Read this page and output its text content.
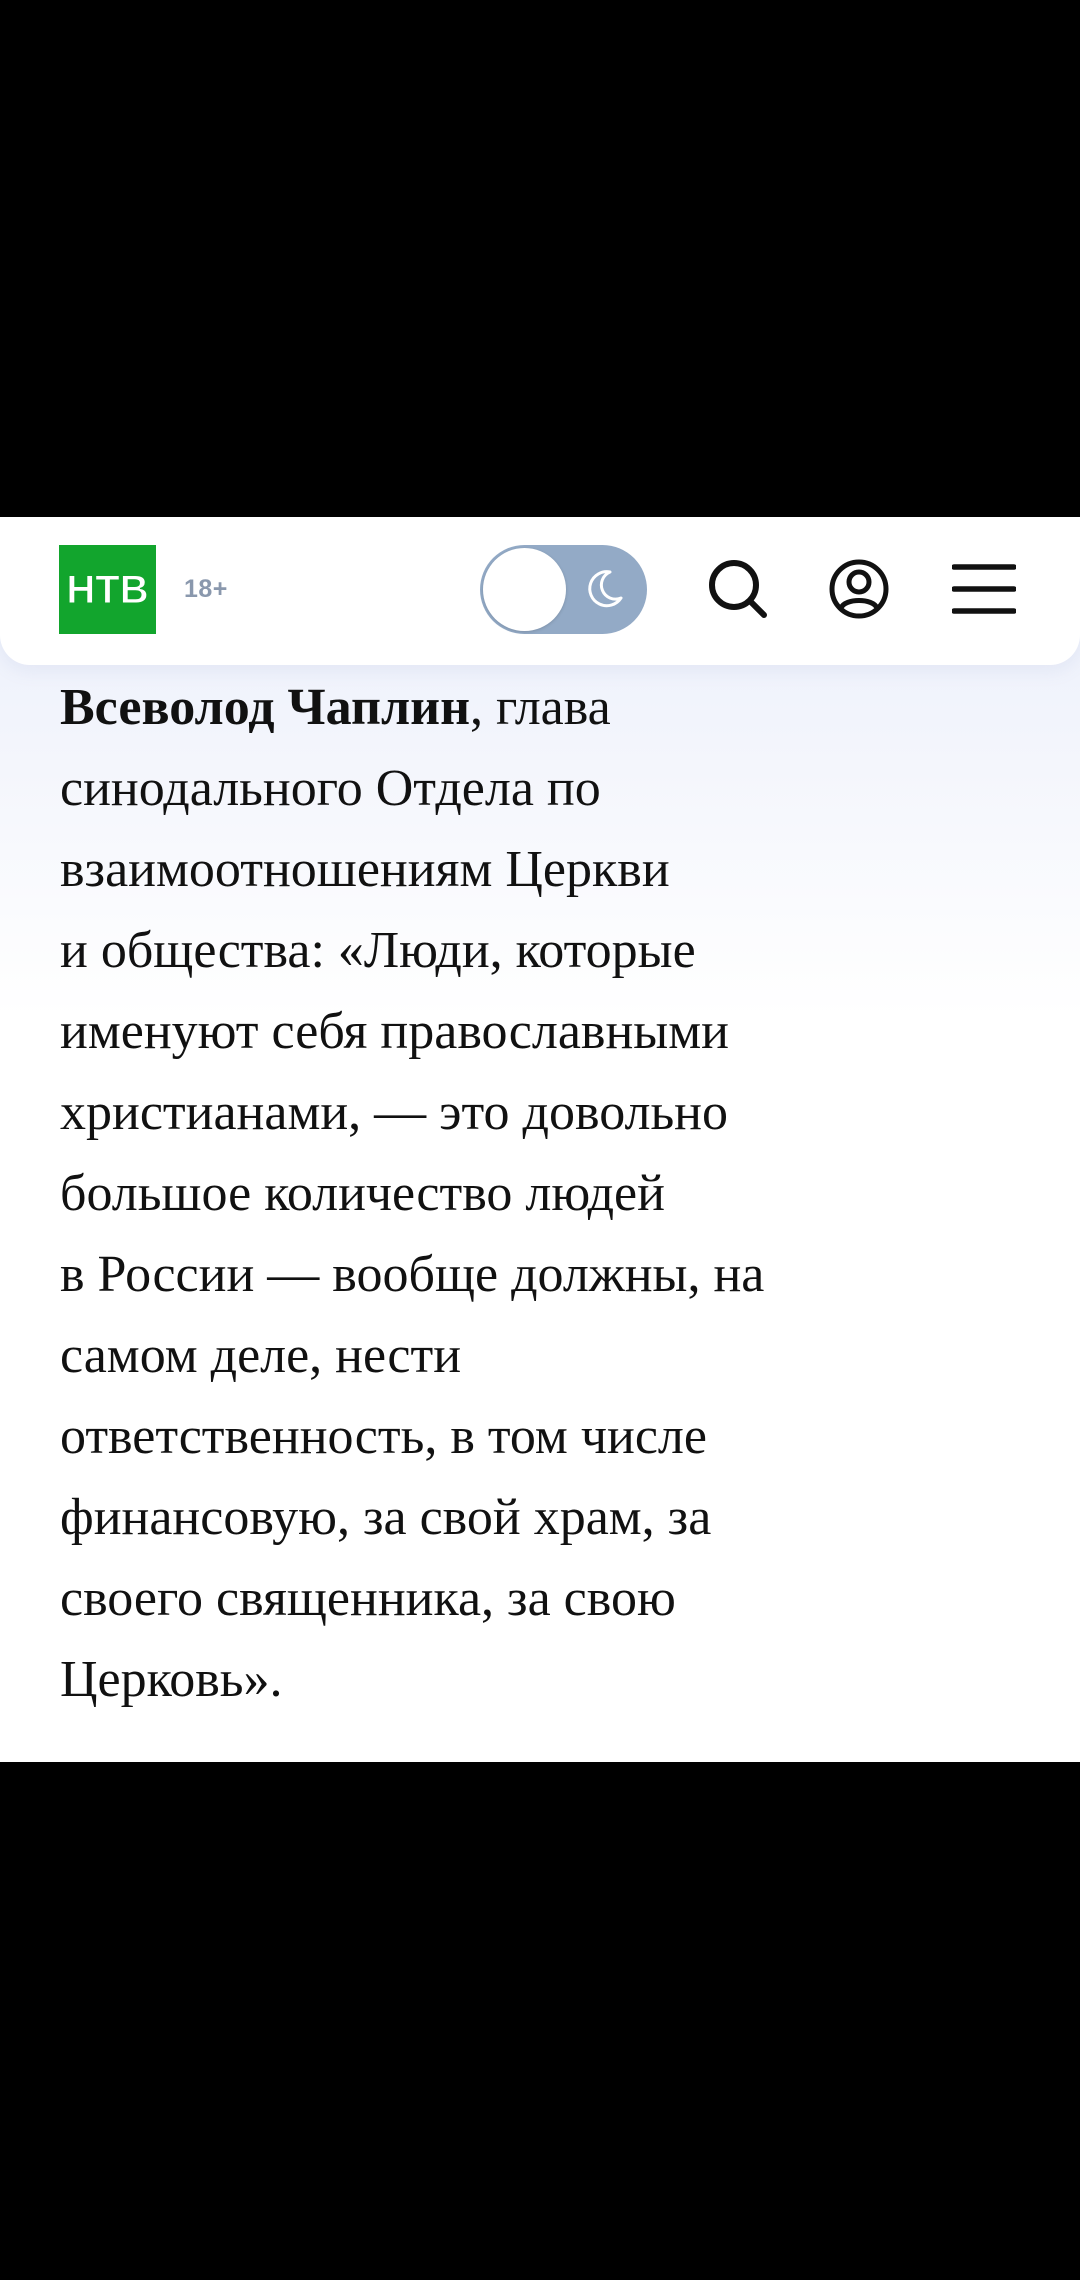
НТВ 18+

Всеволод Чаплин, глава
синодального Отдела по
взаимоотношениям Церкви
и общества: «Люди, которые
именуют себя православными
христианами, — это довольно
большое количество людей
в России — вообще должны, на
самом деле, нести
ответственность, в том числе
финансовую, за свой храм, за
своего священника, за свою
Церковь».
